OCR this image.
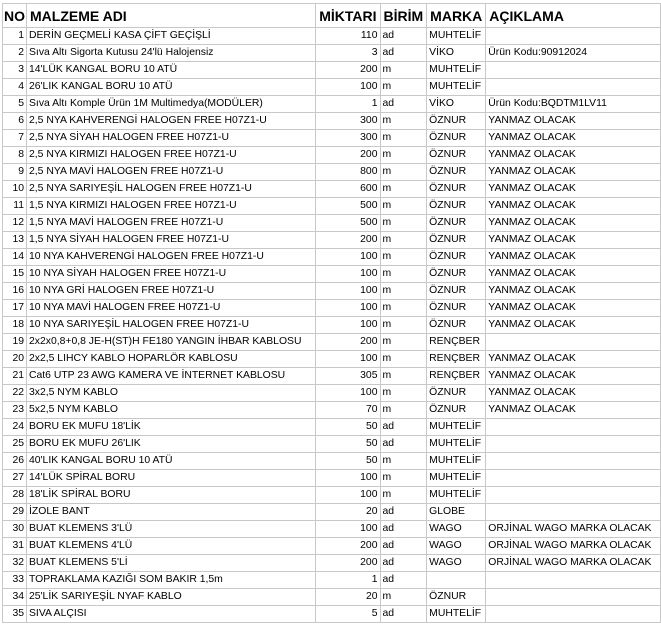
NO	MALZEME ADI	MİKTARI	BİRİM	MARKA	AÇIKLAMA
1	DERİN GEÇMELİ KASA ÇİFT GEÇİŞLİ	110	ad	MUHTELİF	
2	Sıva Altı Sigorta Kutusu 24'lü Halojensiz	3	ad	VİKO	Ürün Kodu:90912024
3	14'LÜK KANGAL BORU 10 ATÜ	200	m	MUHTELİF	
4	26'LIK KANGAL BORU 10 ATÜ	100	m	MUHTELİF	
5	Sıva Altı Komple Ürün 1M Multimedya(MODÜLER)	1	ad	VİKO	Ürün Kodu:BQDTM1LV11
6	2,5 NYA KAHVERENGİ HALOGEN FREE H07Z1-U	300	m	ÖZNUR	YANMAZ OLACAK
7	2,5 NYA SİYAH HALOGEN FREE H07Z1-U	300	m	ÖZNUR	YANMAZ OLACAK
8	2,5 NYA KIRMIZI HALOGEN FREE H07Z1-U	200	m	ÖZNUR	YANMAZ OLACAK
9	2,5 NYA MAVİ HALOGEN FREE H07Z1-U	800	m	ÖZNUR	YANMAZ OLACAK
10	2,5 NYA SARIYEŞİL HALOGEN FREE H07Z1-U	600	m	ÖZNUR	YANMAZ OLACAK
11	1,5 NYA KIRMIZI HALOGEN FREE H07Z1-U	500	m	ÖZNUR	YANMAZ OLACAK
12	1,5 NYA MAVİ HALOGEN FREE H07Z1-U	500	m	ÖZNUR	YANMAZ OLACAK
13	1,5 NYA SİYAH HALOGEN FREE H07Z1-U	200	m	ÖZNUR	YANMAZ OLACAK
14	10 NYA KAHVERENGİ HALOGEN FREE H07Z1-U	100	m	ÖZNUR	YANMAZ OLACAK
15	10 NYA SİYAH HALOGEN FREE H07Z1-U	100	m	ÖZNUR	YANMAZ OLACAK
16	10 NYA GRİ HALOGEN FREE H07Z1-U	100	m	ÖZNUR	YANMAZ OLACAK
17	10 NYA MAVİ HALOGEN FREE H07Z1-U	100	m	ÖZNUR	YANMAZ OLACAK
18	10 NYA SARIYEŞİL HALOGEN FREE H07Z1-U	100	m	ÖZNUR	YANMAZ OLACAK
19	2x2x0,8+0,8 JE-H(ST)H FE180 YANGIN İHBAR KABLOSU	200	m	RENÇBER	
20	2x2,5 LIHCY KABLO HOPARLÖR KABLOSU	100	m	RENÇBER	YANMAZ OLACAK
21	Cat6 UTP 23 AWG KAMERA VE İNTERNET KABLOSU	305	m	RENÇBER	YANMAZ OLACAK
22	3x2,5 NYM KABLO	100	m	ÖZNUR	YANMAZ OLACAK
23	5x2,5 NYM KABLO	70	m	ÖZNUR	YANMAZ OLACAK
24	BORU EK MUFU 18'LİK	50	ad	MUHTELİF	
25	BORU EK MUFU 26'LIK	50	ad	MUHTELİF	
26	40'LIK KANGAL BORU 10 ATÜ	50	m	MUHTELİF	
27	14'LÜK SPİRAL BORU	100	m	MUHTELİF	
28	18'LİK SPİRAL BORU	100	m	MUHTELİF	
29	İZOLE BANT	20	ad	GLOBE	
30	BUAT KLEMENS 3'LÜ	100	ad	WAGO	ORJİNAL WAGO MARKA OLACAK
31	BUAT KLEMENS 4'LÜ	200	ad	WAGO	ORJİNAL WAGO MARKA OLACAK
32	BUAT KLEMENS 5'Lİ	200	ad	WAGO	ORJİNAL WAGO MARKA OLACAK
33	TOPRAKLAMA KAZIĞI SOM BAKIR 1,5m	1	ad		
34	25'LİK SARIYEŞİL NYAF KABLO	20	m	ÖZNUR	
35	SIVA ALÇISI	5	ad	MUHTELİF	
